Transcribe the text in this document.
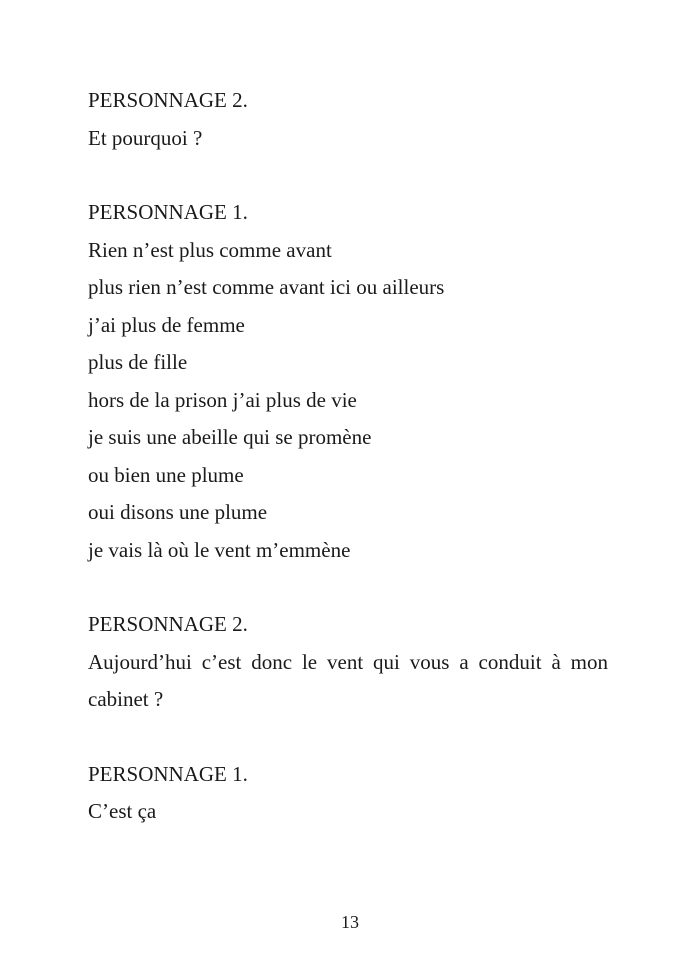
PERSONNAGE 2.
Et pourquoi ?
PERSONNAGE 1.
Rien n’est plus comme avant
plus rien n’est comme avant ici ou ailleurs
j’ai plus de femme
plus de fille
hors de la prison j’ai plus de vie
je suis une abeille qui se promène
ou bien une plume
oui disons une plume
je vais là où le vent m’emmène
PERSONNAGE 2.
Aujourd’hui c’est donc le vent qui vous a conduit à mon cabinet ?
PERSONNAGE 1.
C’est ça
13
